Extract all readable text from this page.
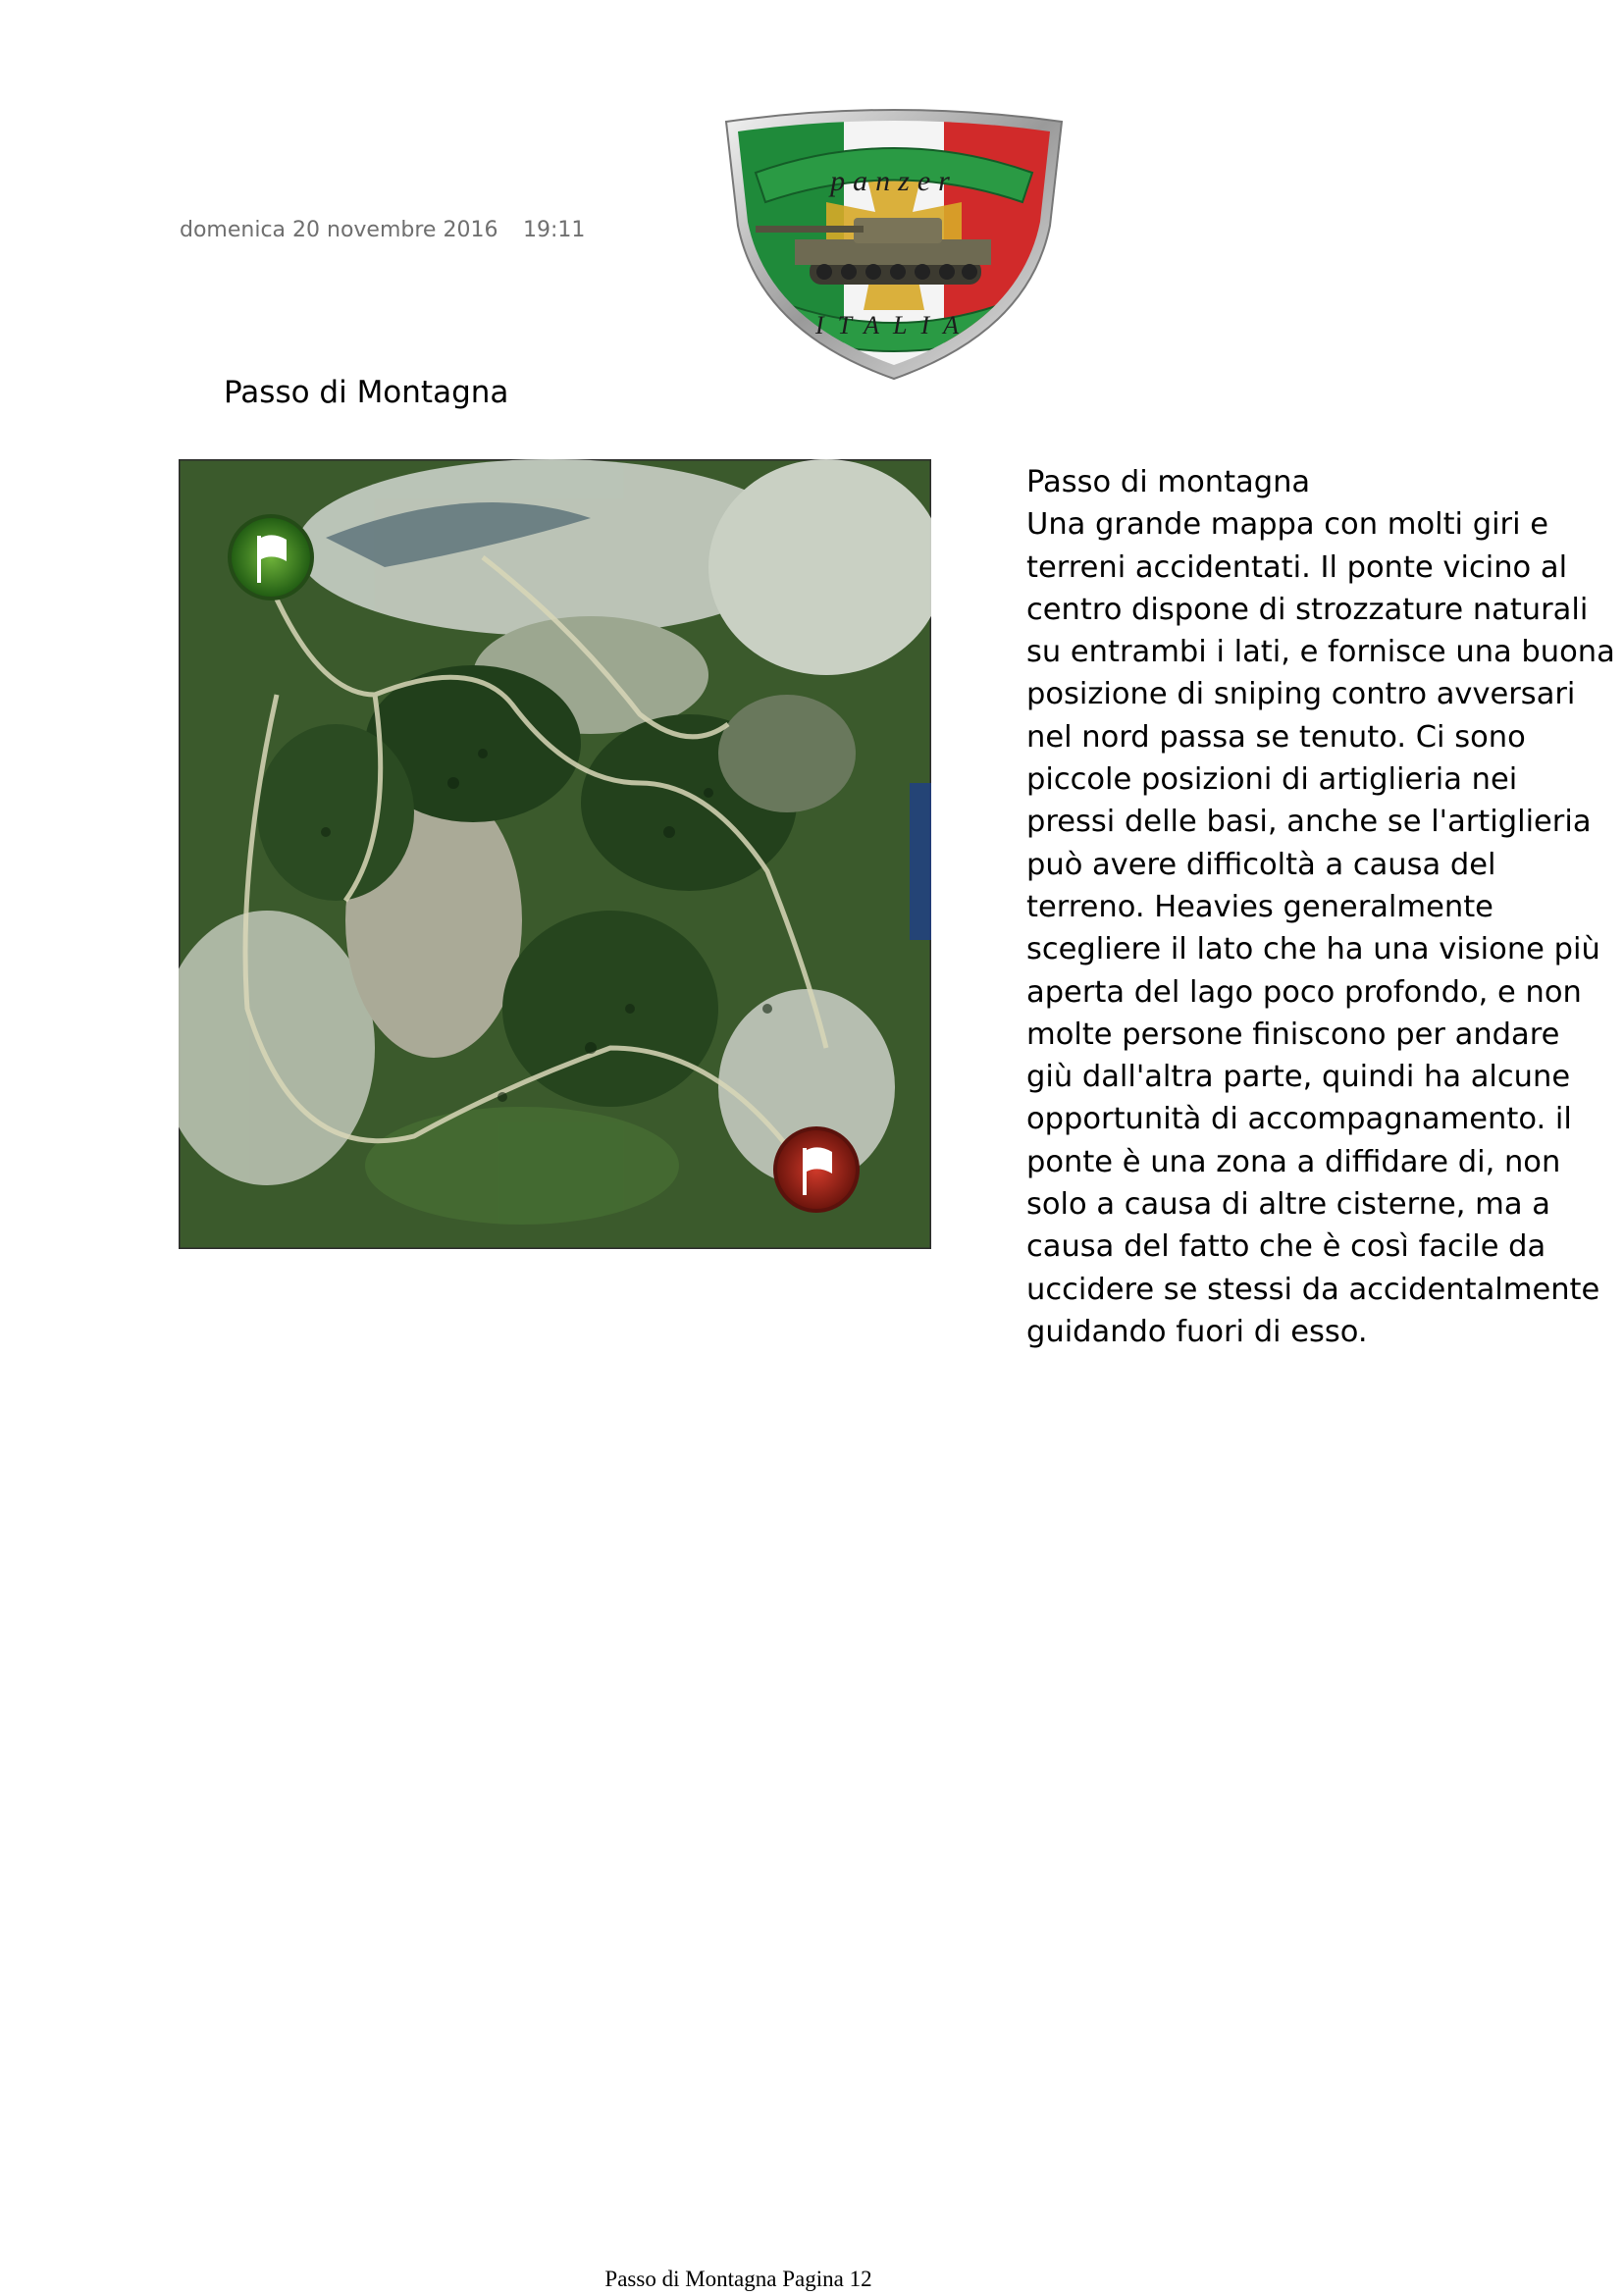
domenica 20 novembre 2016 19:11
panzer
ITALIA
Passo di Montagna

Passo di montagna

Una grande mappa con molti giri e terreni accidentati. Il ponte vicino al centro dispone di strozzature naturali su entrambi i lati, e fornisce una buona posizione di sniping contro avversari nel nord passa se tenuto. Ci sono piccole posizioni di artiglieria nei pressi delle basi, anche se l'artiglieria può avere difficoltà a causa del terreno. Heavies generalmente scegliere il lato che ha una visione più aperta del lago poco profondo, e non molte persone finiscono per andare giù dall'altra parte, quindi ha alcune opportunità di accompagnamento. il ponte è una zona a diffidare di, non solo a causa di altre cisterne, ma a causa del fatto che è così facile da uccidere se stessi da accidentalmente guidando fuori di esso.

Passo di Montagna Pagina 12
